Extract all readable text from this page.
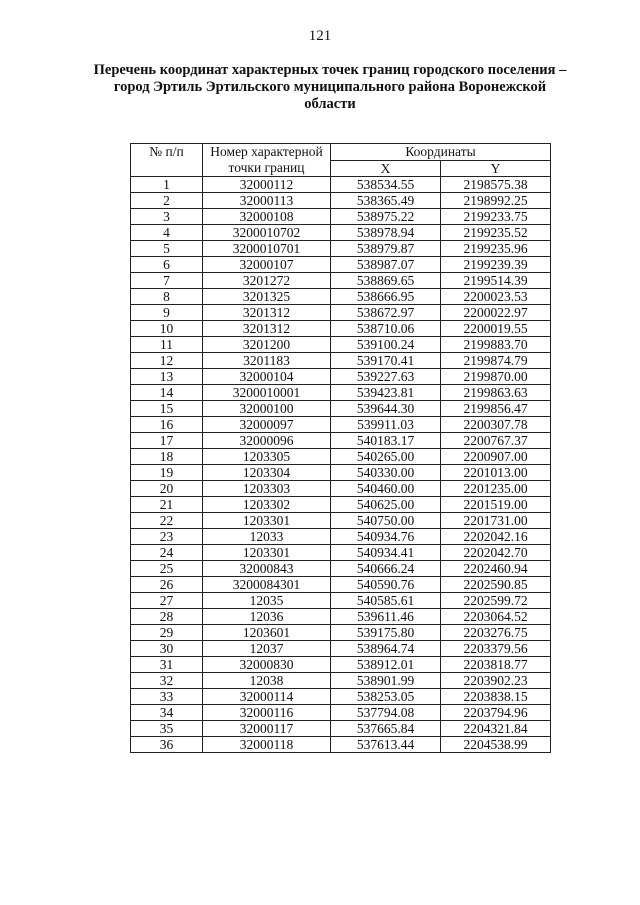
121
Перечень координат характерных точек границ городского поселения –
город Эртиль Эртильского муниципального района Воронежской
области
№ п/п	Номер характерной точки границ	Координаты	
		X	Y
1	32000112	538534.55	2198575.38
2	32000113	538365.49	2198992.25
3	32000108	538975.22	2199233.75
4	3200010702	538978.94	2199235.52
5	3200010701	538979.87	2199235.96
6	32000107	538987.07	2199239.39
7	3201272	538869.65	2199514.39
8	3201325	538666.95	2200023.53
9	3201312	538672.97	2200022.97
10	3201312	538710.06	2200019.55
11	3201200	539100.24	2199883.70
12	3201183	539170.41	2199874.79
13	32000104	539227.63	2199870.00
14	3200010001	539423.81	2199863.63
15	32000100	539644.30	2199856.47
16	32000097	539911.03	2200307.78
17	32000096	540183.17	2200767.37
18	1203305	540265.00	2200907.00
19	1203304	540330.00	2201013.00
20	1203303	540460.00	2201235.00
21	1203302	540625.00	2201519.00
22	1203301	540750.00	2201731.00
23	12033	540934.76	2202042.16
24	1203301	540934.41	2202042.70
25	32000843	540666.24	2202460.94
26	3200084301	540590.76	2202590.85
27	12035	540585.61	2202599.72
28	12036	539611.46	2203064.52
29	1203601	539175.80	2203276.75
30	12037	538964.74	2203379.56
31	32000830	538912.01	2203818.77
32	12038	538901.99	2203902.23
33	32000114	538253.05	2203838.15
34	32000116	537794.08	2203794.96
35	32000117	537665.84	2204321.84
36	32000118	537613.44	2204538.99
